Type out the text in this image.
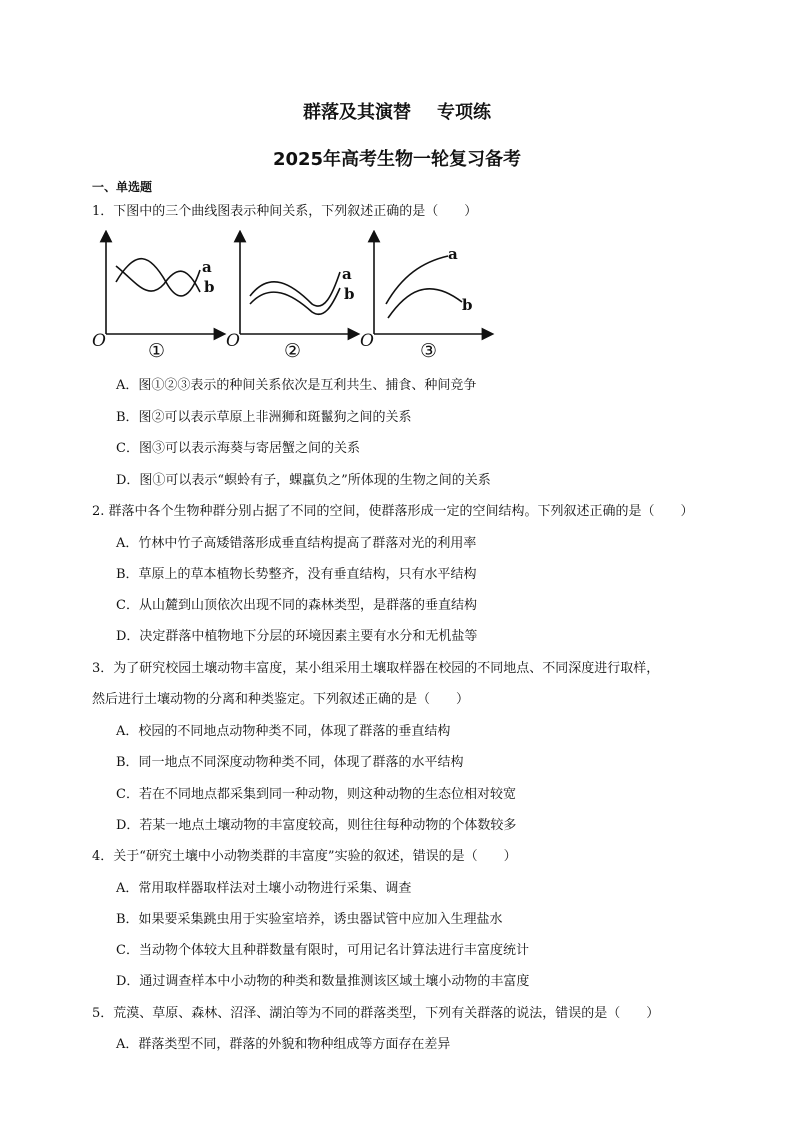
群落及其演替 专项练
2025年高考生物一轮复习备考
一、单选题
1．下图中的三个曲线图表示种间关系，下列叙述正确的是（　　）
a
b
a
b
a
b
O	O	O
①	②	③
A．图①②③表示的种间关系依次是互利共生、捕食、种间竞争
B．图②可以表示草原上非洲狮和斑鬣狗之间的关系
C．图③可以表示海葵与寄居蟹之间的关系
D．图①可以表示“螟蛉有子，蜾蠃负之”所体现的生物之间的关系
2. 群落中各个生物种群分别占据了不同的空间，使群落形成一定的空间结构。下列叙述正确的是（　　）
A．竹林中竹子高矮错落形成垂直结构提高了群落对光的利用率
B．草原上的草本植物长势整齐，没有垂直结构，只有水平结构
C．从山麓到山顶依次出现不同的森林类型，是群落的垂直结构
D．决定群落中植物地下分层的环境因素主要有水分和无机盐等
3．为了研究校园土壤动物丰富度，某小组采用土壤取样器在校园的不同地点、不同深度进行取样，
然后进行土壤动物的分离和种类鉴定。下列叙述正确的是（　　）
A．校园的不同地点动物种类不同，体现了群落的垂直结构
B．同一地点不同深度动物种类不同，体现了群落的水平结构
C．若在不同地点都采集到同一种动物，则这种动物的生态位相对较宽
D．若某一地点土壤动物的丰富度较高，则往往每种动物的个体数较多
4．关于“研究土壤中小动物类群的丰富度”实验的叙述，错误的是（　　）
A．常用取样器取样法对土壤小动物进行采集、调查
B．如果要采集跳虫用于实验室培养，诱虫器试管中应加入生理盐水
C．当动物个体较大且种群数量有限时，可用记名计算法进行丰富度统计
D．通过调查样本中小动物的种类和数量推测该区域土壤小动物的丰富度
5．荒漠、草原、森林、沼泽、湖泊等为不同的群落类型，下列有关群落的说法，错误的是（　　）
A．群落类型不同，群落的外貌和物种组成等方面存在差异
